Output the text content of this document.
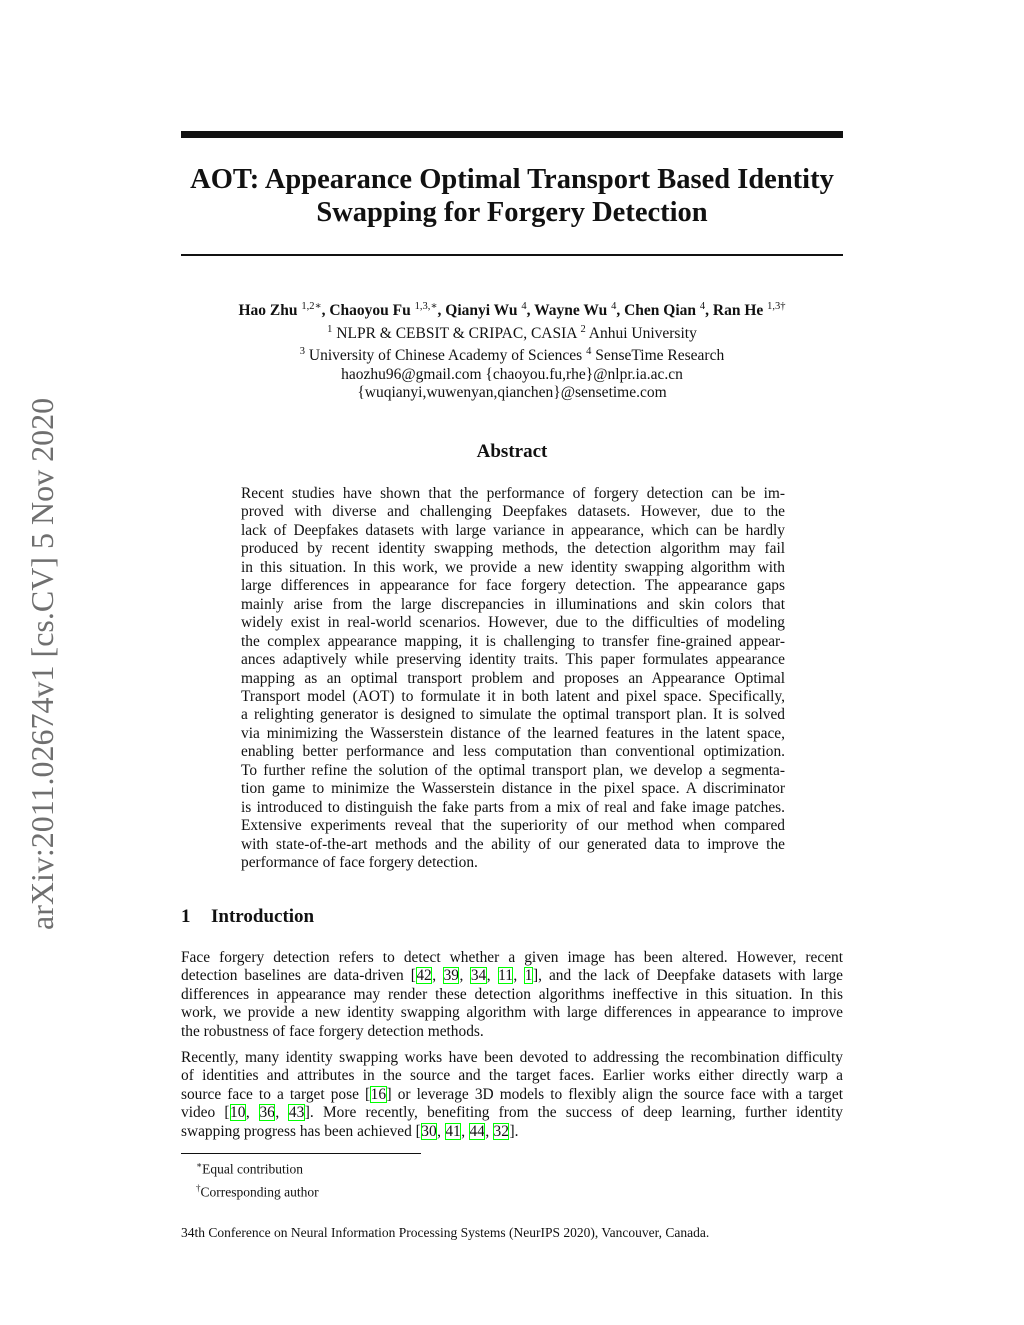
arXiv:2011.02674v1 [cs.CV] 5 Nov 2020
AOT: Appearance Optimal Transport Based Identity
Swapping for Forgery Detection
Hao Zhu $^{1,2∗}$, Chaoyou Fu $^{1,3,∗}$, Qianyi Wu $^4$, Wayne Wu $^4$, Chen Qian $^4$, Ran He $^{1,3\dagger}$
$^1$ NLPR & CEBSIT & CRIPAC, CASIA $^2$ Anhui University
$^3$ University of Chinese Academy of Sciences $^4$ SenseTime Research
haozhu96@gmail.com {chaoyou.fu,rhe}@nlpr.ia.ac.cn
{wuqianyi,wuwenyan,qianchen}@sensetime.com
Abstract
Recent studies have shown that the performance of forgery detection can be im-
proved with diverse and challenging Deepfakes datasets. However, due to the
lack of Deepfakes datasets with large variance in appearance, which can be hardly
produced by recent identity swapping methods, the detection algorithm may fail
in this situation. In this work, we provide a new identity swapping algorithm with
large differences in appearance for face forgery detection. The appearance gaps
mainly arise from the large discrepancies in illuminations and skin colors that
widely exist in real-world scenarios. However, due to the difficulties of modeling
the complex appearance mapping, it is challenging to transfer fine-grained appear-
ances adaptively while preserving identity traits. This paper formulates appearance
mapping as an optimal transport problem and proposes an Appearance Optimal
Transport model (AOT) to formulate it in both latent and pixel space. Specifically,
a relighting generator is designed to simulate the optimal transport plan. It is solved
via minimizing the Wasserstein distance of the learned features in the latent space,
enabling better performance and less computation than conventional optimization.
To further refine the solution of the optimal transport plan, we develop a segmenta-
tion game to minimize the Wasserstein distance in the pixel space. A discriminator
is introduced to distinguish the fake parts from a mix of real and fake image patches.
Extensive experiments reveal that the superiority of our method when compared
with state-of-the-art methods and the ability of our generated data to improve the
performance of face forgery detection.
1 Introduction
Face forgery detection refers to detect whether a given image has been altered. However, recent
detection baselines are data-driven [42, 39, 34, 11, 1], and the lack of Deepfake datasets with large
differences in appearance may render these detection algorithms ineffective in this situation. In this
work, we provide a new identity swapping algorithm with large differences in appearance to improve
the robustness of face forgery detection methods.
Recently, many identity swapping works have been devoted to addressing the recombination difficulty
of identities and attributes in the source and the target faces. Earlier works either directly warp a
source face to a target pose [16] or leverage 3D models to flexibly align the source face with a target
video [10, 36, 43]. More recently, benefiting from the success of deep learning, further identity
swapping progress has been achieved [30, 41, 44, 32].
∗Equal contribution
†Corresponding author
34th Conference on Neural Information Processing Systems (NeurIPS 2020), Vancouver, Canada.
